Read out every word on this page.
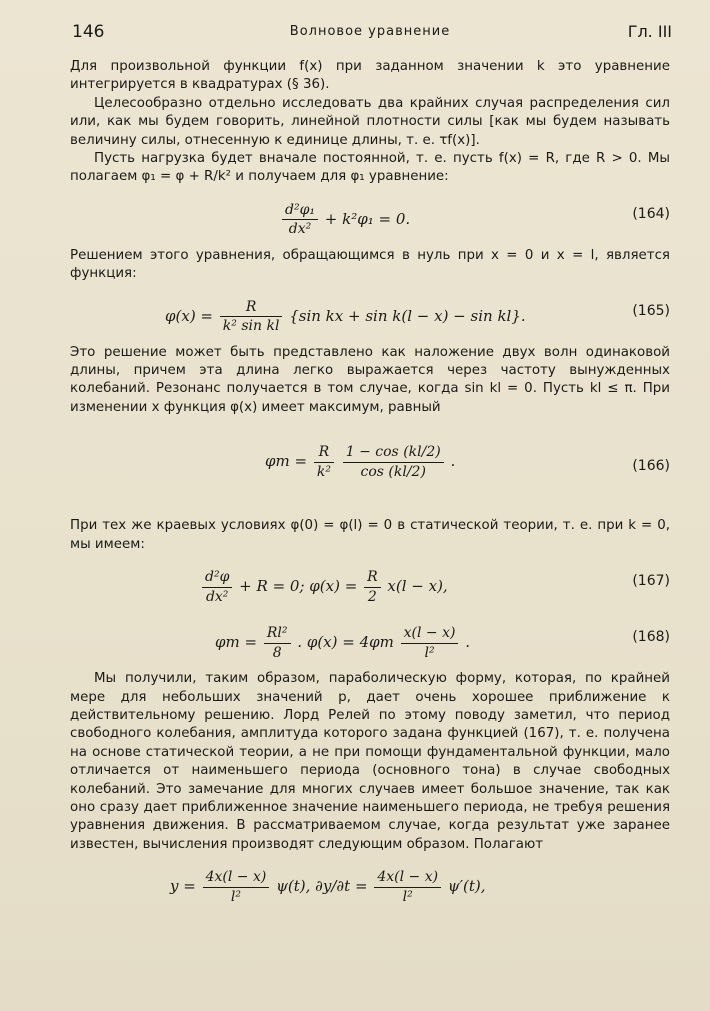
146	Волновое уравнение	Гл. III

Для произвольной функции f(x) при заданном значении k это уравнение интегрируется в квадратурах (§ 36).

Целесообразно отдельно исследовать два крайних случая распределения сил или, как мы будем говорить, линейной плотности силы [как мы будем называть величину силы, отнесенную к единице длины, т. е. τf(x)].

Пусть нагрузка будет вначале постоянной, т. е. пусть f(x) = R, где R > 0. Мы полагаем φ₁ = φ + R/k² и получаем для φ₁ уравнение:

$\frac{\text{d²φ₁}}{\text{dx²}} + k^2\varphi_1 = 0$.	(164)

Решением этого уравнения, обращающимся в нуль при x = 0 и x = l, является функция:

$\varphi(x) = \frac{R}{\text{k² sin kl}} \{\sin$ kx + sin k(l − x) − sin kl}.	(165)

Это решение может быть представлено как наложение двух волн одинаковой длины, причем эта длина легко выражается через частоту вынужденных колебаний. Резонанс получается в том случае, когда sin kl = 0. Пусть kl ≤ π. При изменении x функция φ(x) имеет максимум, равный

$\varphi m = \frac{R}{\text{k²}}$
$\frac{1 - \cos (kl/2)}{\cos (kl/2)}$ .	(166)

При тех же краевых условиях φ(0) = φ(l) = 0 в статической теории, т. е. при k = 0, мы имеем:

$\frac{\text{d²φ}}{\text{dx²}} + R = 0$; $\varphi(x) = \frac{R}{2} x(l - x)$,	(167)
$\varphi m = \frac{\text{Rl²}}{8}$ . $\varphi(x) = 4\varphi m \frac{x(l - x)}{\text{l²}}$ .	(168)

Мы получили, таким образом, параболическую форму, которая, по крайней мере для небольших значений p, дает очень хорошее приближение к действительному решению. Лорд Релей по этому поводу заметил, что период свободного колебания, амплитуда которого задана функцией (167), т. е. получена на основе статической теории, а не при помощи фундаментальной функции, мало отличается от наименьшего периода (основного тона) в случае свободных колебаний. Это замечание для многих случаев имеет большое значение, так как оно сразу дает приближенное значение наименьшего периода, не требуя решения уравнения движения. В рассматриваемом случае, когда результат уже заранее известен, вычисления производят следующим образом. Полагают

$y = \frac{4x(l - x)}{\text{l²}} \psi(t)$, $\partial y/\partial t = \frac{4x(l - x)}{\text{l²}} \psi'(t)$,
